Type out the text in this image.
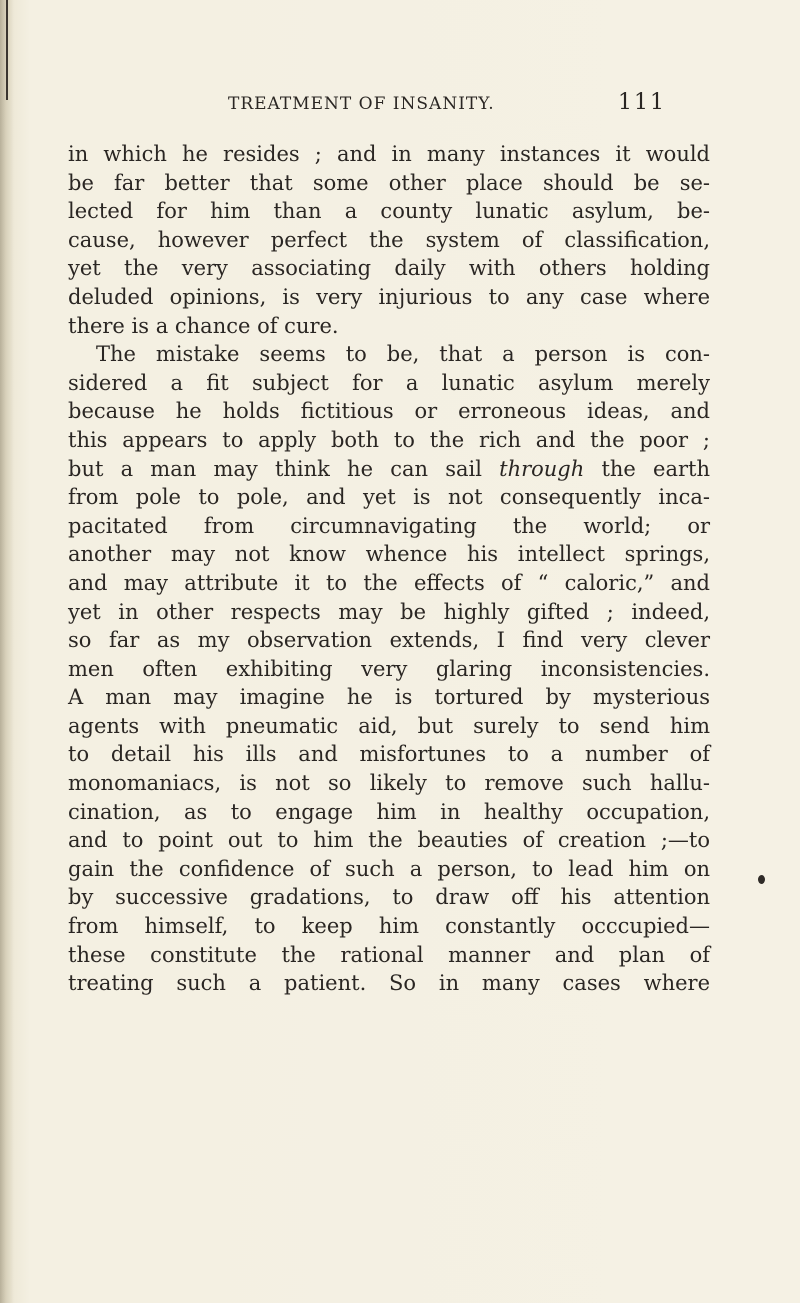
TREATMENT OF INSANITY.	111
in which he resides ; and in many instances it would
be far better that some other place should be se-
lected for him than a county lunatic asylum, be-
cause, however perfect the system of classification,
yet the very associating daily with others holding
deluded opinions, is very injurious to any case where
there is a chance of cure.
The mistake seems to be, that a person is con-
sidered a fit subject for a lunatic asylum merely
because he holds fictitious or erroneous ideas, and
this appears to apply both to the rich and the poor ;
but a man may think he can sail through the earth
from pole to pole, and yet is not consequently inca-
pacitated from circumnavigating the world; or
another may not know whence his intellect springs,
and may attribute it to the effects of “ caloric,” and
yet in other respects may be highly gifted ; indeed,
so far as my observation extends, I find very clever
men often exhibiting very glaring inconsistencies.
A man may imagine he is tortured by mysterious
agents with pneumatic aid, but surely to send him
to detail his ills and misfortunes to a number of
monomaniacs, is not so likely to remove such hallu-
cination, as to engage him in healthy occupation,
and to point out to him the beauties of creation ;—to
gain the confidence of such a person, to lead him on
by successive gradations, to draw off his attention
from himself, to keep him constantly occcupied—
these constitute the rational manner and plan of
treating such a patient. So in many cases where
